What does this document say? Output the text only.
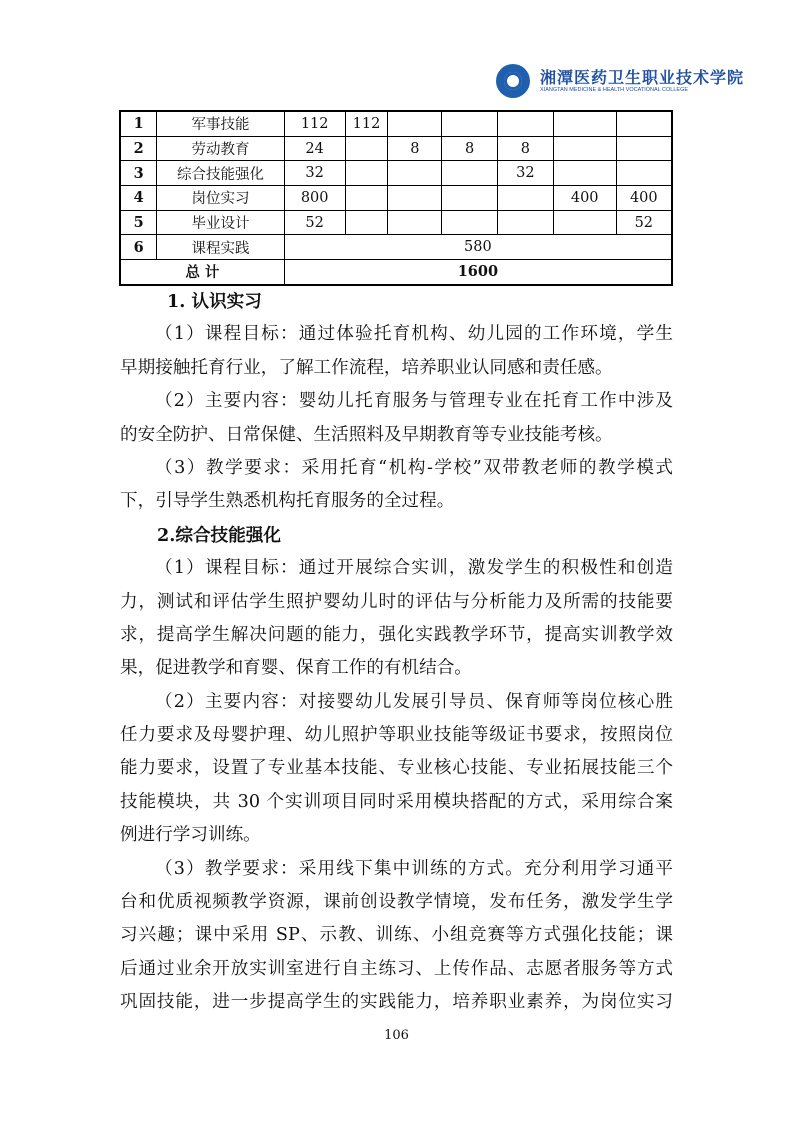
湘潭医药卫生职业技术学院
XIANGTAN MEDICINE & HEALTH VOCATIONAL COLLEGE
1	军事技能	112	112					
2	劳动教育	24		8	8	8		
3	综合技能强化	32				32		
4	岗位实习	800					400	400
5	毕业设计	52						52
6	课程实践	580						
总 计		1600						
1. 认识实习
（1）课程目标：通过体验托育机构、幼儿园的工作环境，学生
早期接触托育行业，了解工作流程，培养职业认同感和责任感。
（2）主要内容：婴幼儿托育服务与管理专业在托育工作中涉及
的安全防护、日常保健、生活照料及早期教育等专业技能考核。
（3）教学要求：采用托育“机构-学校”双带教老师的教学模式
下，引导学生熟悉机构托育服务的全过程。
2.综合技能强化
（1）课程目标：通过开展综合实训，激发学生的积极性和创造
力，测试和评估学生照护婴幼儿时的评估与分析能力及所需的技能要
求，提高学生解决问题的能力，强化实践教学环节，提高实训教学效
果，促进教学和育婴、保育工作的有机结合。
（2）主要内容：对接婴幼儿发展引导员、保育师等岗位核心胜
任力要求及母婴护理、幼儿照护等职业技能等级证书要求，按照岗位
能力要求，设置了专业基本技能、专业核心技能、专业拓展技能三个
技能模块，共 30 个实训项目同时采用模块搭配的方式，采用综合案
例进行学习训练。
（3）教学要求：采用线下集中训练的方式。充分利用学习通平
台和优质视频教学资源，课前创设教学情境，发布任务，激发学生学
习兴趣；课中采用 SP、示教、训练、小组竞赛等方式强化技能；课
后通过业余开放实训室进行自主练习、上传作品、志愿者服务等方式
巩固技能，进一步提高学生的实践能力，培养职业素养，为岗位实习
106
